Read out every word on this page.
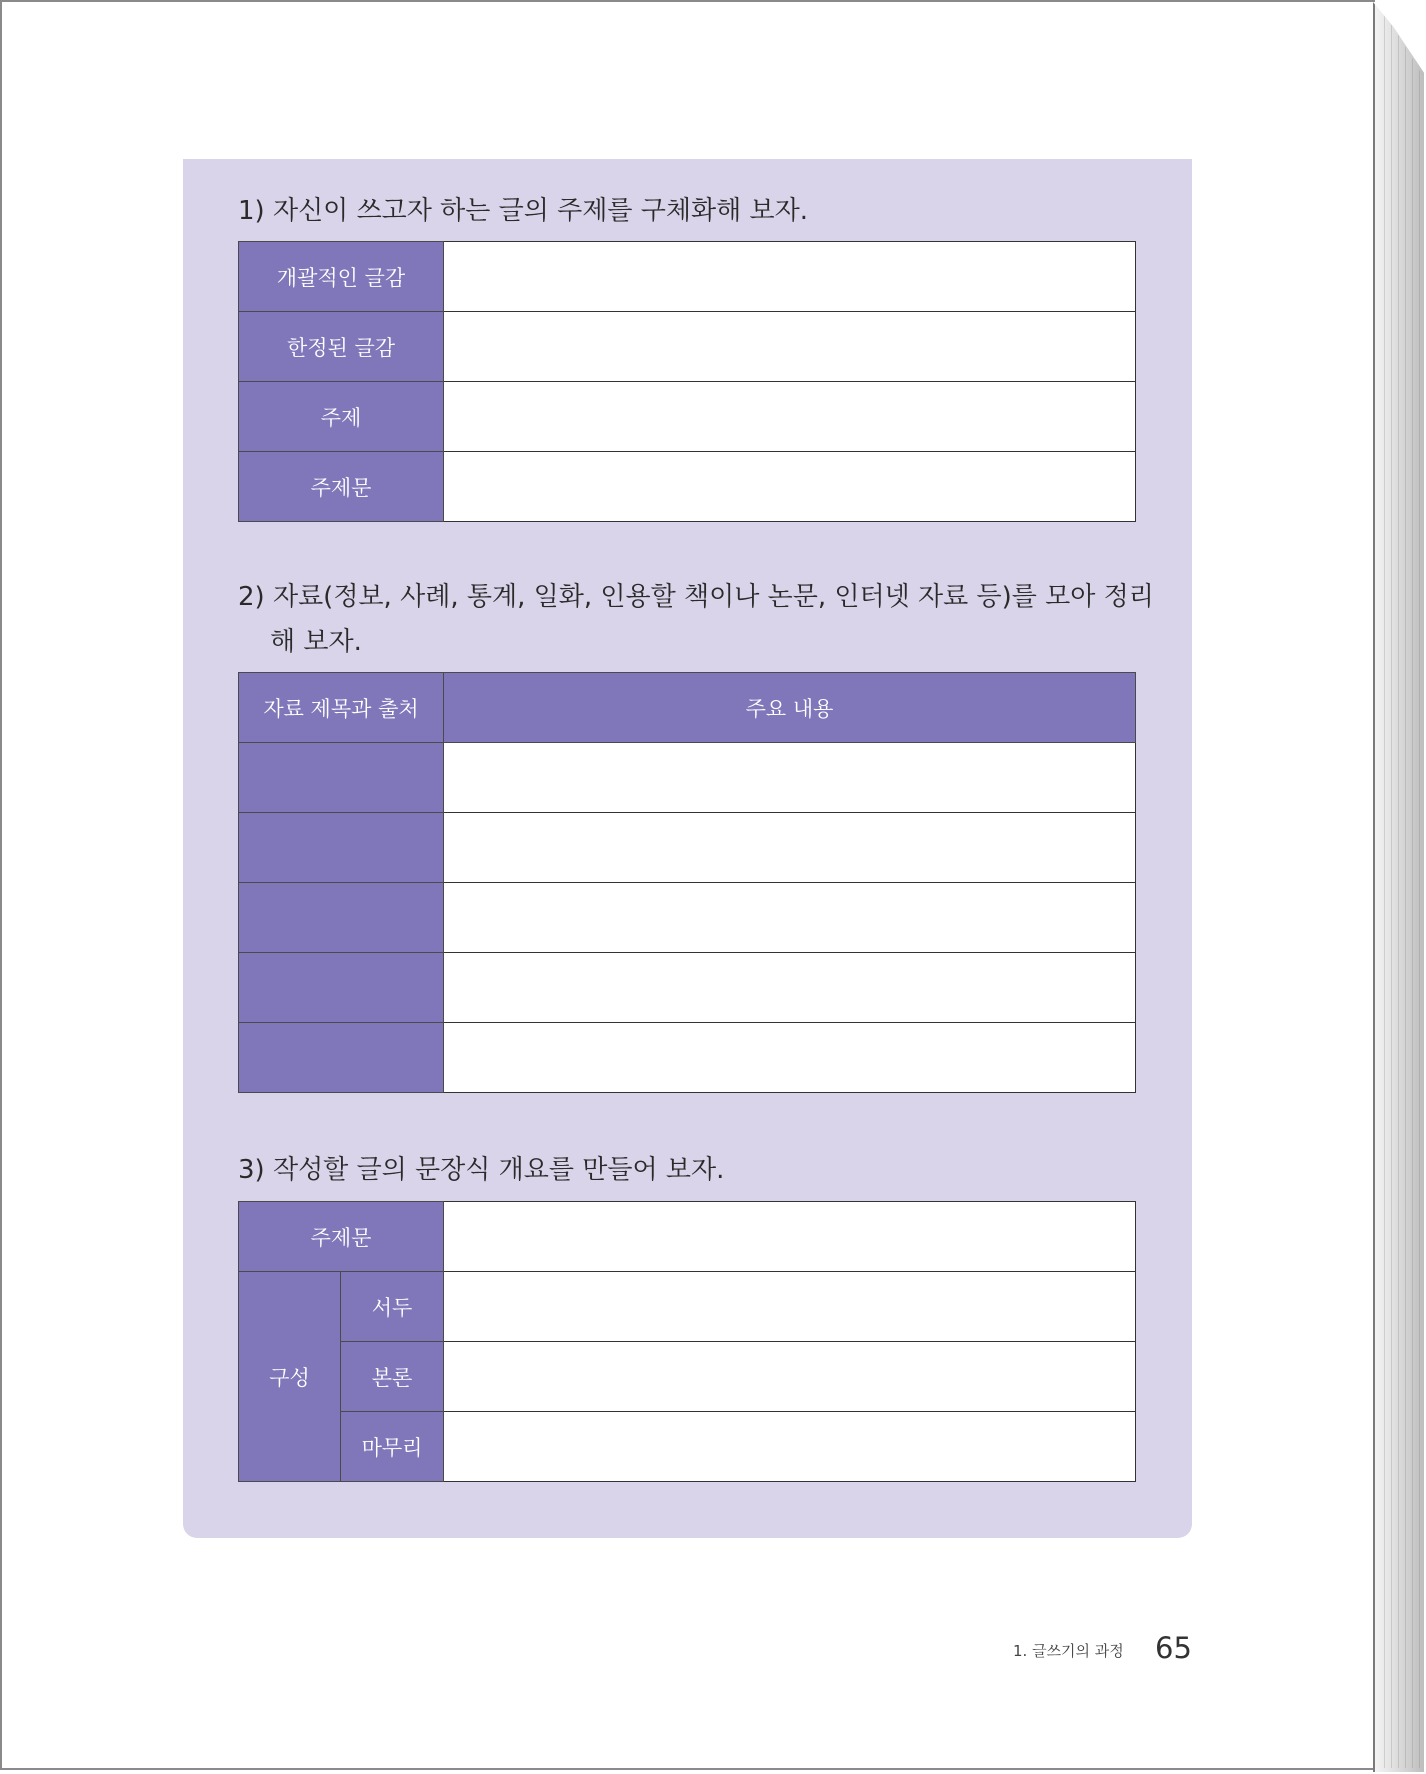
1) 자신이 쓰고자 하는 글의 주제를 구체화해 보자.

개괄적인 글감	
한정된 글감	
주제	
주제문	

2) 자료(정보, 사례, 통계, 일화, 인용할 책이나 논문, 인터넷 자료 등)를 모아 정리
해 보자.

자료 제목과 출처	주요 내용

3) 작성할 글의 문장식 개요를 만들어 보자.

주제문		
구성	서두	
	본론	
	마무리	
1. 글쓰기의 과정 65
